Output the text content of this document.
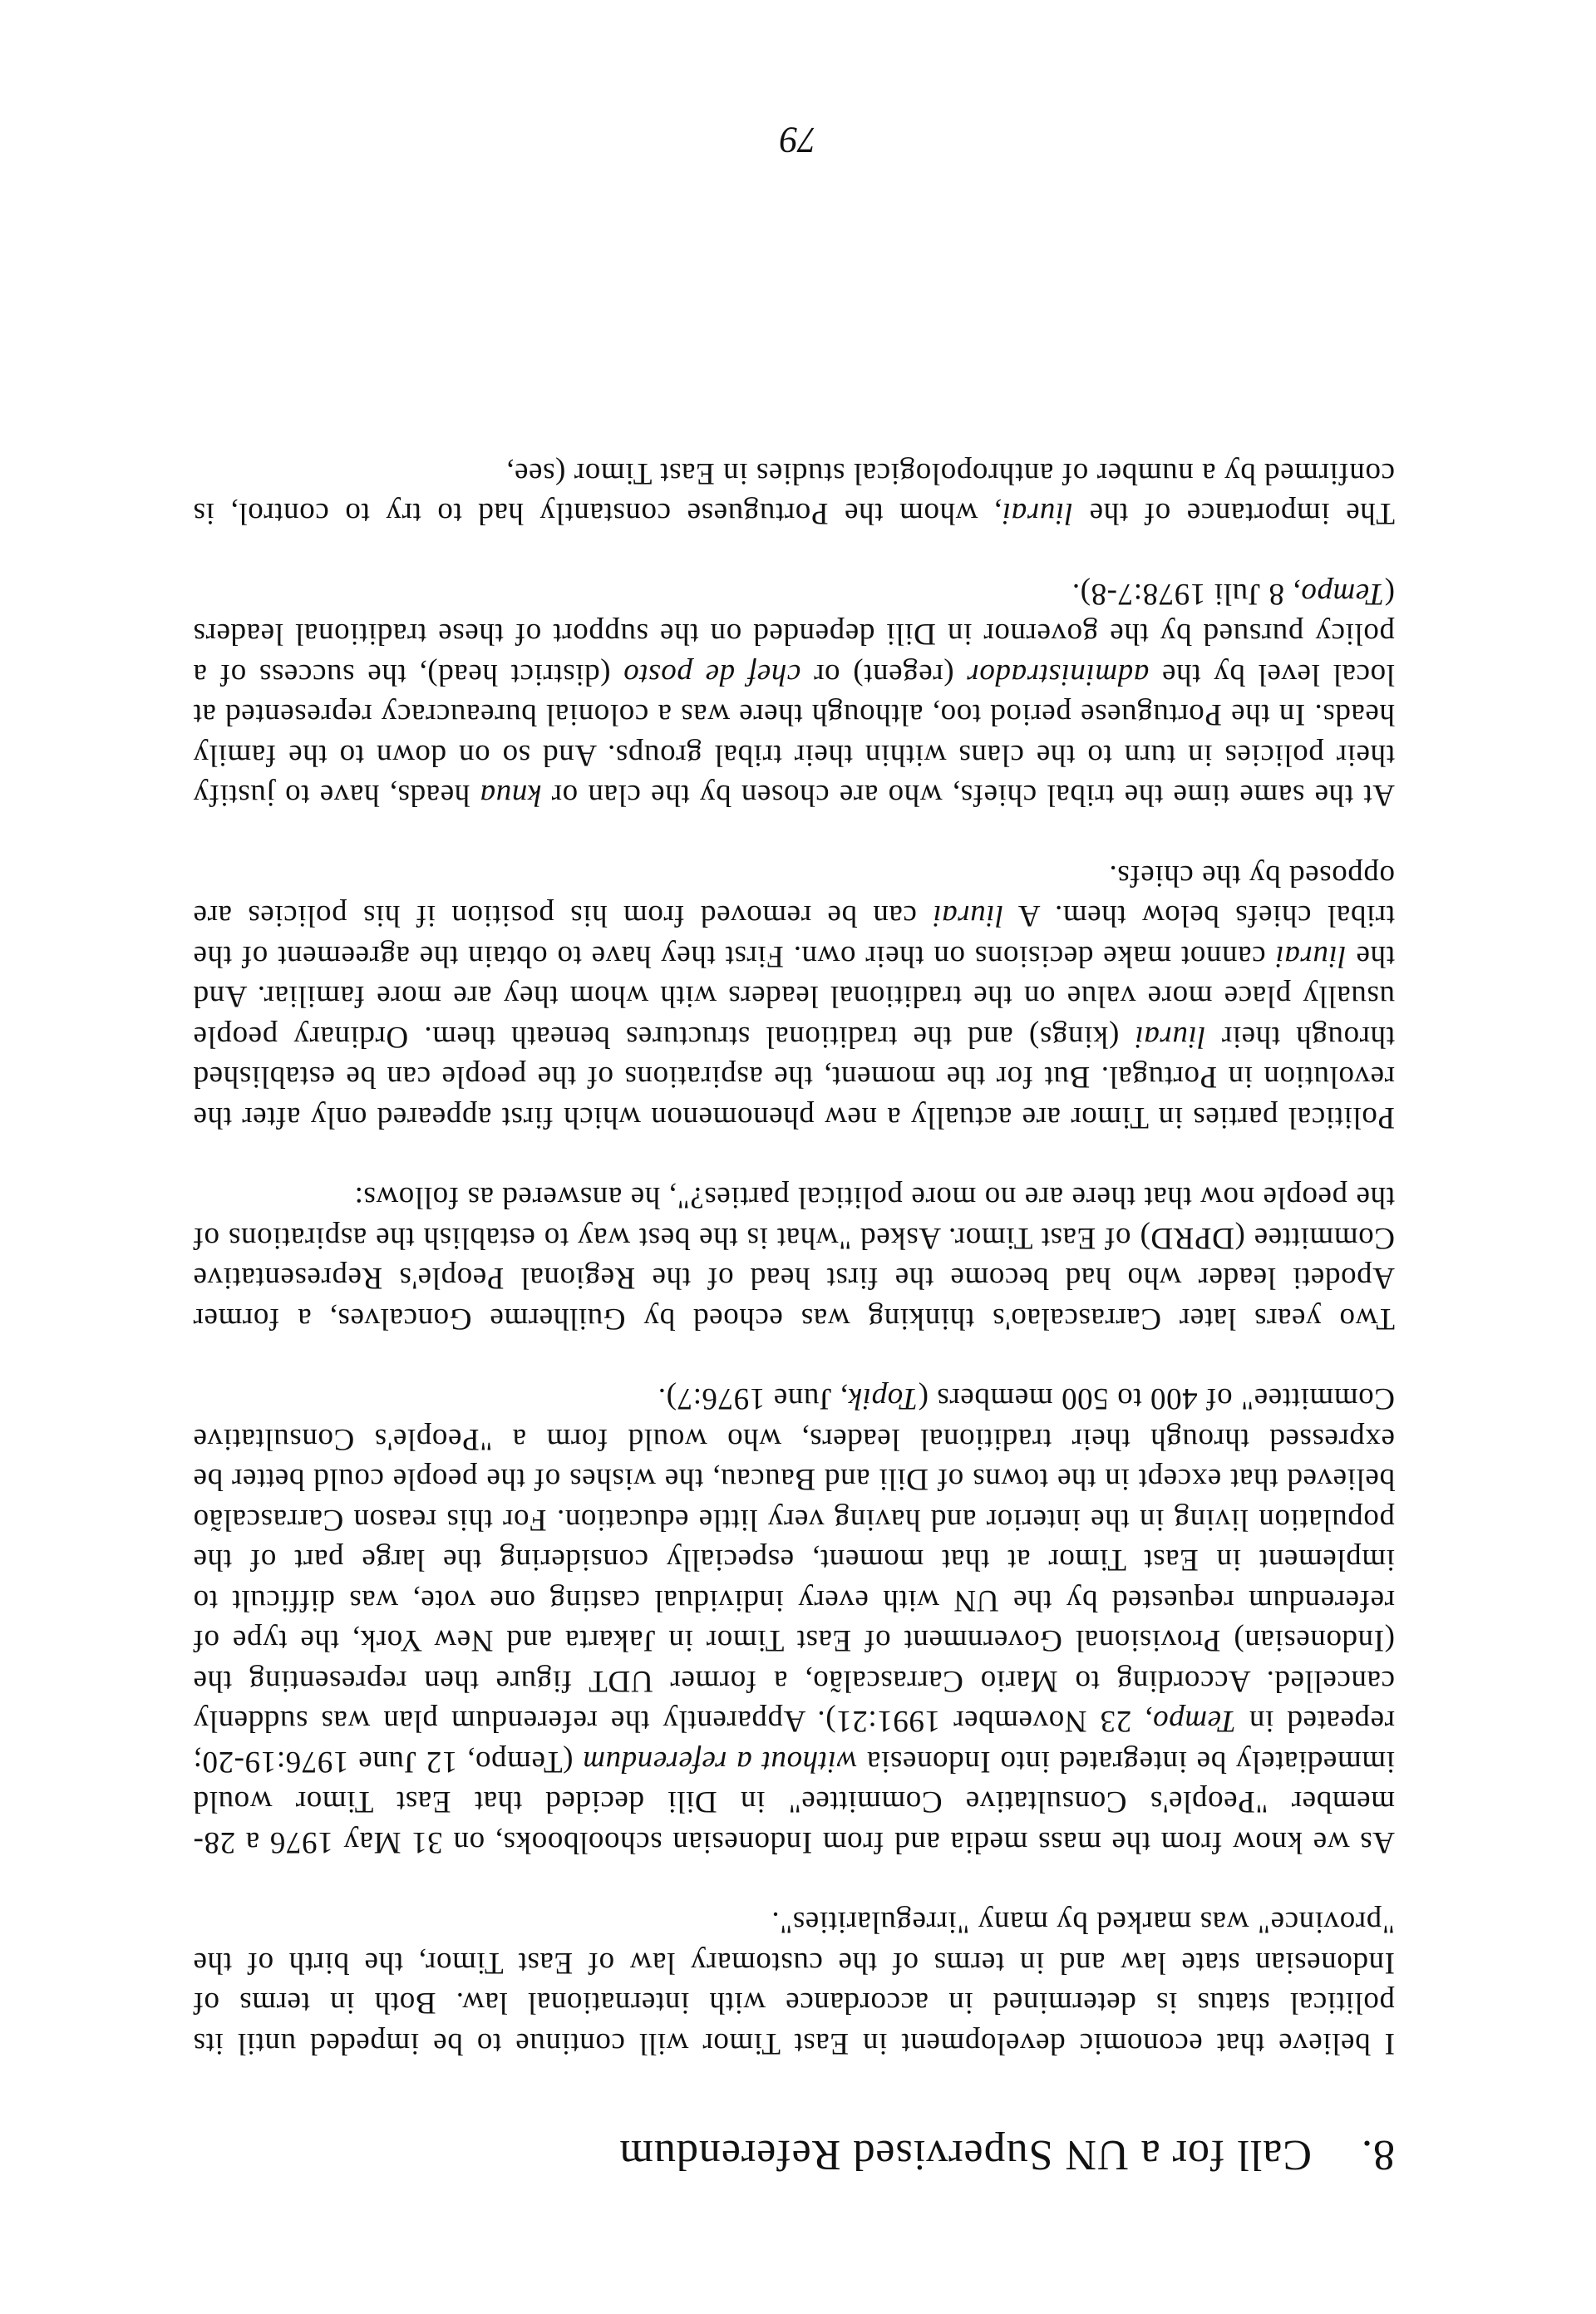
8.Call for a UN Supervised Referendum

I believe that economic development in East Timor will continue to be impeded until its political status is determined in accordance with international law. Both in terms of Indonesian state law and in terms of the customary law of East Timor, the birth of the "province" was marked by many "irregularities".

As we know from the mass media and from Indonesian schoolbooks, on 31 May 1976 a 28-member "People's Consultative Committee" in Dili decided that East Timor would immediately be integrated into Indonesia without a referendum (Tempo, 12 June 1976:19-20; repeated in Tempo, 23 November 1991:21). Apparently the referendum plan was suddenly cancelled. According to Mario Carrascalão, a former UDT figure then representing the (Indonesian) Provisional Government of East Timor in Jakarta and New York, the type of referendum requested by the UN with every individual casting one vote, was difficult to implement in East Timor at that moment, especially considering the large part of the population living in the interior and having very little education. For this reason Carrascalão believed that except in the towns of Dili and Baucau, the wishes of the people could better be expressed through their traditional leaders, who would form a "People's Consultative Committee" of 400 to 500 members (Topik, June 1976:7).

Two years later Carrascalao's thinking was echoed by Guilherme Goncalves, a former Apodeti leader who had become the first head of the Regional People's Representative Committee (DPRD) of East Timor. Asked "what is the best way to establish the aspirations of the people now that there are no more political parties?", he answered as follows:

Political parties in Timor are actually a new phenomenon which first appeared only after the revolution in Portugal. But for the moment, the aspirations of the people can be established through their liurai (kings) and the traditional structures beneath them. Ordinary people usually place more value on the traditional leaders with whom they are more familiar. And the liurai cannot make decisions on their own. First they have to obtain the agreement of the tribal chiefs below them. A liurai can be removed from his position if his policies are opposed by the chiefs.

At the same time the tribal chiefs, who are chosen by the clan or knua heads, have to justify their policies in turn to the clans within their tribal groups. And so on down to the family heads. In the Portuguese period too, although there was a colonial bureaucracy represented at local level by the administrador (regent) or chef de posto (district head), the success of a policy pursued by the governor in Dili depended on the support of these traditional leaders (Tempo, 8 Juli 1978:7-8).

The importance of the liurai, whom the Portuguese constantly had to try to control, is confirmed by a number of anthropological studies in East Timor (see,

79
